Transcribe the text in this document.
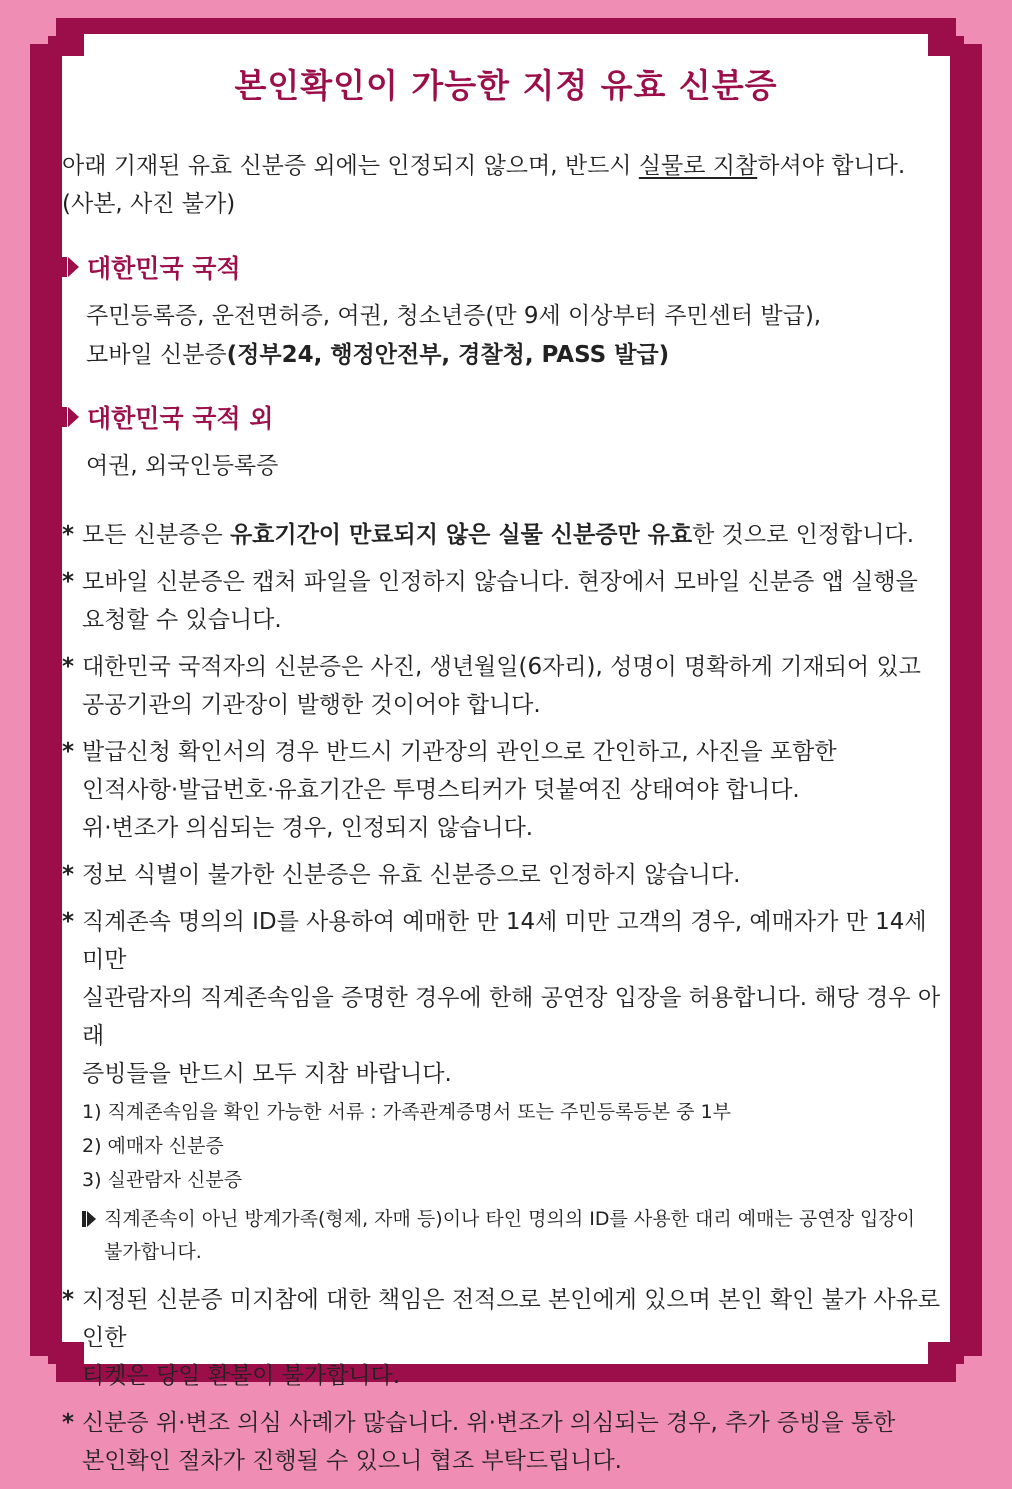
본인확인이 가능한 지정 유효 신분증
아래 기재된 유효 신분증 외에는 인정되지 않으며, 반드시 실물로 지참하셔야 합니다.
(사본, 사진 불가)
대한민국 국적
주민등록증, 운전면허증, 여권, 청소년증(만 9세 이상부터 주민센터 발급),
모바일 신분증(정부24, 행정안전부, 경찰청, PASS 발급)
대한민국 국적 외
여권, 외국인등록증
* 모든 신분증은 유효기간이 만료되지 않은 실물 신분증만 유효한 것으로 인정합니다.
* 모바일 신분증은 캡처 파일을 인정하지 않습니다. 현장에서 모바일 신분증 앱 실행을
요청할 수 있습니다.
* 대한민국 국적자의 신분증은 사진, 생년월일(6자리), 성명이 명확하게 기재되어 있고
공공기관의 기관장이 발행한 것이어야 합니다.
* 발급신청 확인서의 경우 반드시 기관장의 관인으로 간인하고, 사진을 포함한
인적사항·발급번호·유효기간은 투명스티커가 덧붙여진 상태여야 합니다.
위·변조가 의심되는 경우, 인정되지 않습니다.
* 정보 식별이 불가한 신분증은 유효 신분증으로 인정하지 않습니다.
* 직계존속 명의의 ID를 사용하여 예매한 만 14세 미만 고객의 경우, 예매자가 만 14세 미만
실관람자의 직계존속임을 증명한 경우에 한해 공연장 입장을 허용합니다. 해당 경우 아래
증빙들을 반드시 모두 지참 바랍니다.
1) 직계존속임을 확인 가능한 서류 : 가족관계증명서 또는 주민등록등본 중 1부
2) 예매자 신분증
3) 실관람자 신분증
직계존속이 아닌 방계가족(형제, 자매 등)이나 타인 명의의 ID를 사용한 대리 예매는 공연장 입장이
불가합니다.
* 지정된 신분증 미지참에 대한 책임은 전적으로 본인에게 있으며 본인 확인 불가 사유로 인한
티켓은 당일 환불이 불가합니다.
* 신분증 위·변조 의심 사례가 많습니다. 위·변조가 의심되는 경우, 추가 증빙을 통한
본인확인 절차가 진행될 수 있으니 협조 부탁드립니다.
